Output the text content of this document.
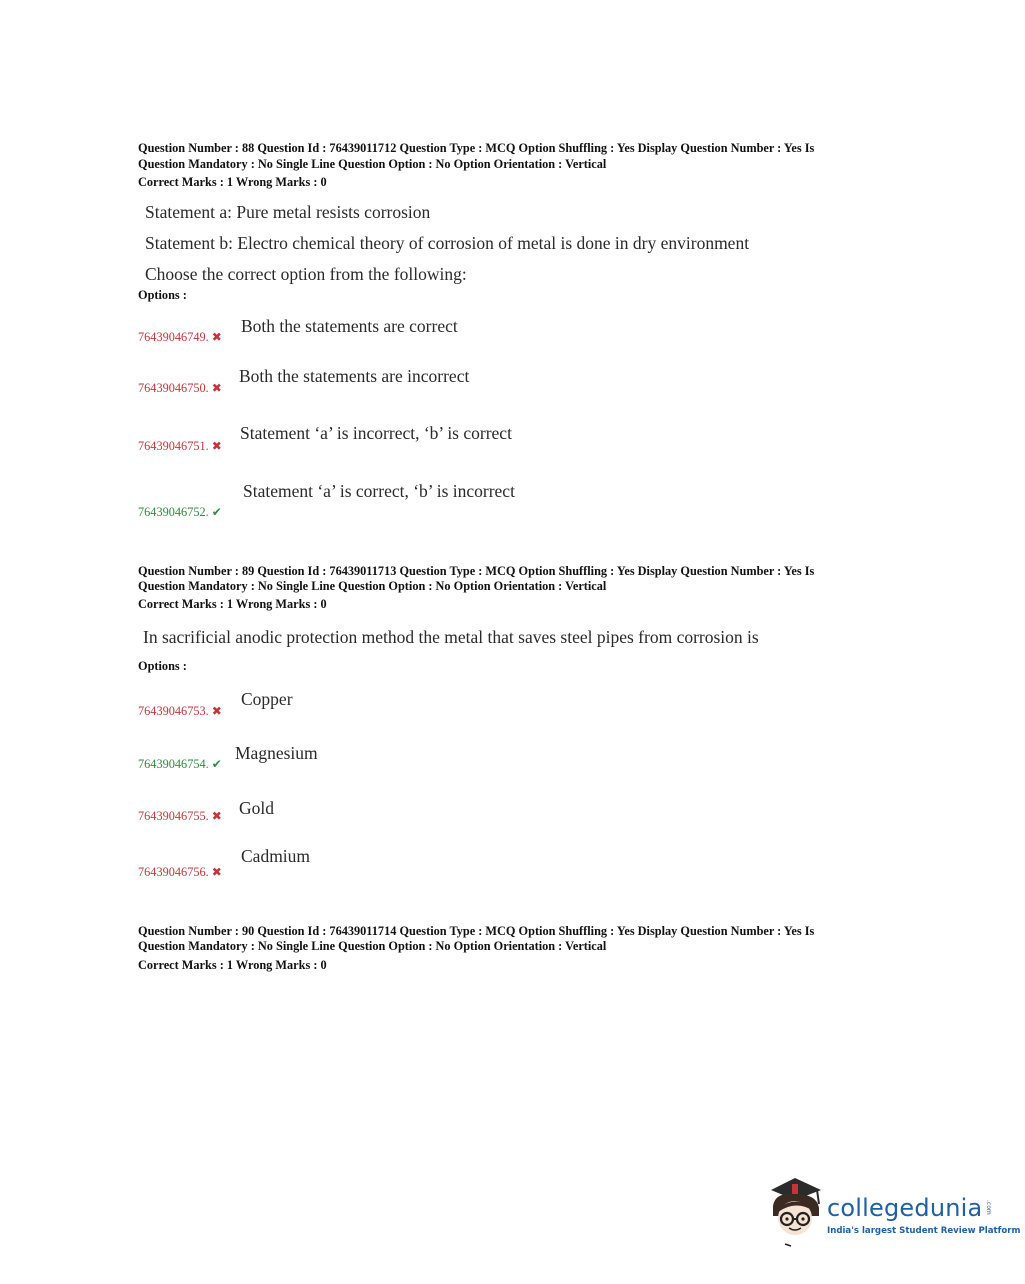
Question Number : 88 Question Id : 76439011712 Question Type : MCQ Option Shuffling : Yes Display Question Number : Yes Is
Question Mandatory : No Single Line Question Option : No Option Orientation : Vertical
Correct Marks : 1 Wrong Marks : 0
Statement a: Pure metal resists corrosion
Statement b: Electro chemical theory of corrosion of metal is done in dry environment
Choose the correct option from the following:
Options :
Both the statements are correct
76439046749. ✖
Both the statements are incorrect
76439046750. ✖
Statement ‘a’ is incorrect, ‘b’ is correct
76439046751. ✖
Statement ‘a’ is correct, ‘b’ is incorrect
76439046752. ✔
Question Number : 89 Question Id : 76439011713 Question Type : MCQ Option Shuffling : Yes Display Question Number : Yes Is
Question Mandatory : No Single Line Question Option : No Option Orientation : Vertical
Correct Marks : 1 Wrong Marks : 0
In sacrificial anodic protection method the metal that saves steel pipes from corrosion is
Options :
Copper
76439046753. ✖
Magnesium
76439046754. ✔
Gold
76439046755. ✖
Cadmium
76439046756. ✖
Question Number : 90 Question Id : 76439011714 Question Type : MCQ Option Shuffling : Yes Display Question Number : Yes Is
Question Mandatory : No Single Line Question Option : No Option Orientation : Vertical
Correct Marks : 1 Wrong Marks : 0
collegedunia .com
India's largest Student Review Platform
